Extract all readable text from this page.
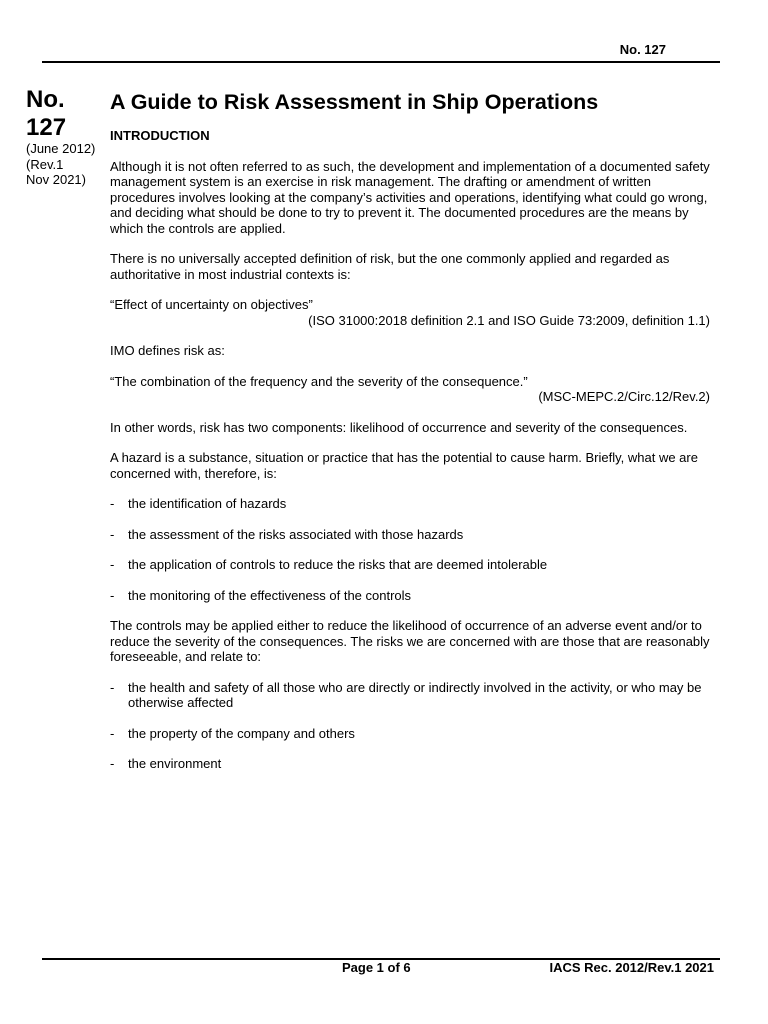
No. 127
No.
127
(June 2012)
(Rev.1
Nov 2021)
A Guide to Risk Assessment in Ship Operations
INTRODUCTION

Although it is not often referred to as such, the development and implementation of a documented safety management system is an exercise in risk management. The drafting or amendment of written procedures involves looking at the company’s activities and operations, identifying what could go wrong, and deciding what should be done to try to prevent it. The documented procedures are the means by which the controls are applied.

There is no universally accepted definition of risk, but the one commonly applied and regarded as authoritative in most industrial contexts is:

“Effect of uncertainty on objectives”

(ISO 31000:2018 definition 2.1 and ISO Guide 73:2009, definition 1.1)

IMO defines risk as:

“The combination of the frequency and the severity of the consequence.”

(MSC-MEPC.2/Circ.12/Rev.2)

In other words, risk has two components: likelihood of occurrence and severity of the consequences.

A hazard is a substance, situation or practice that has the potential to cause harm. Briefly, what we are concerned with, therefore, is:

-	the identification of hazards
-	the assessment of the risks associated with those hazards
-	the application of controls to reduce the risks that are deemed intolerable
-	the monitoring of the effectiveness of the controls

The controls may be applied either to reduce the likelihood of occurrence of an adverse event and/or to reduce the severity of the consequences. The risks we are concerned with are those that are reasonably foreseeable, and relate to:

-	the health and safety of all those who are directly or indirectly involved in the activity, or who may be otherwise affected
-	the property of the company and others
-	the environment
Page 1 of 6	IACS Rec. 2012/Rev.1 2021
